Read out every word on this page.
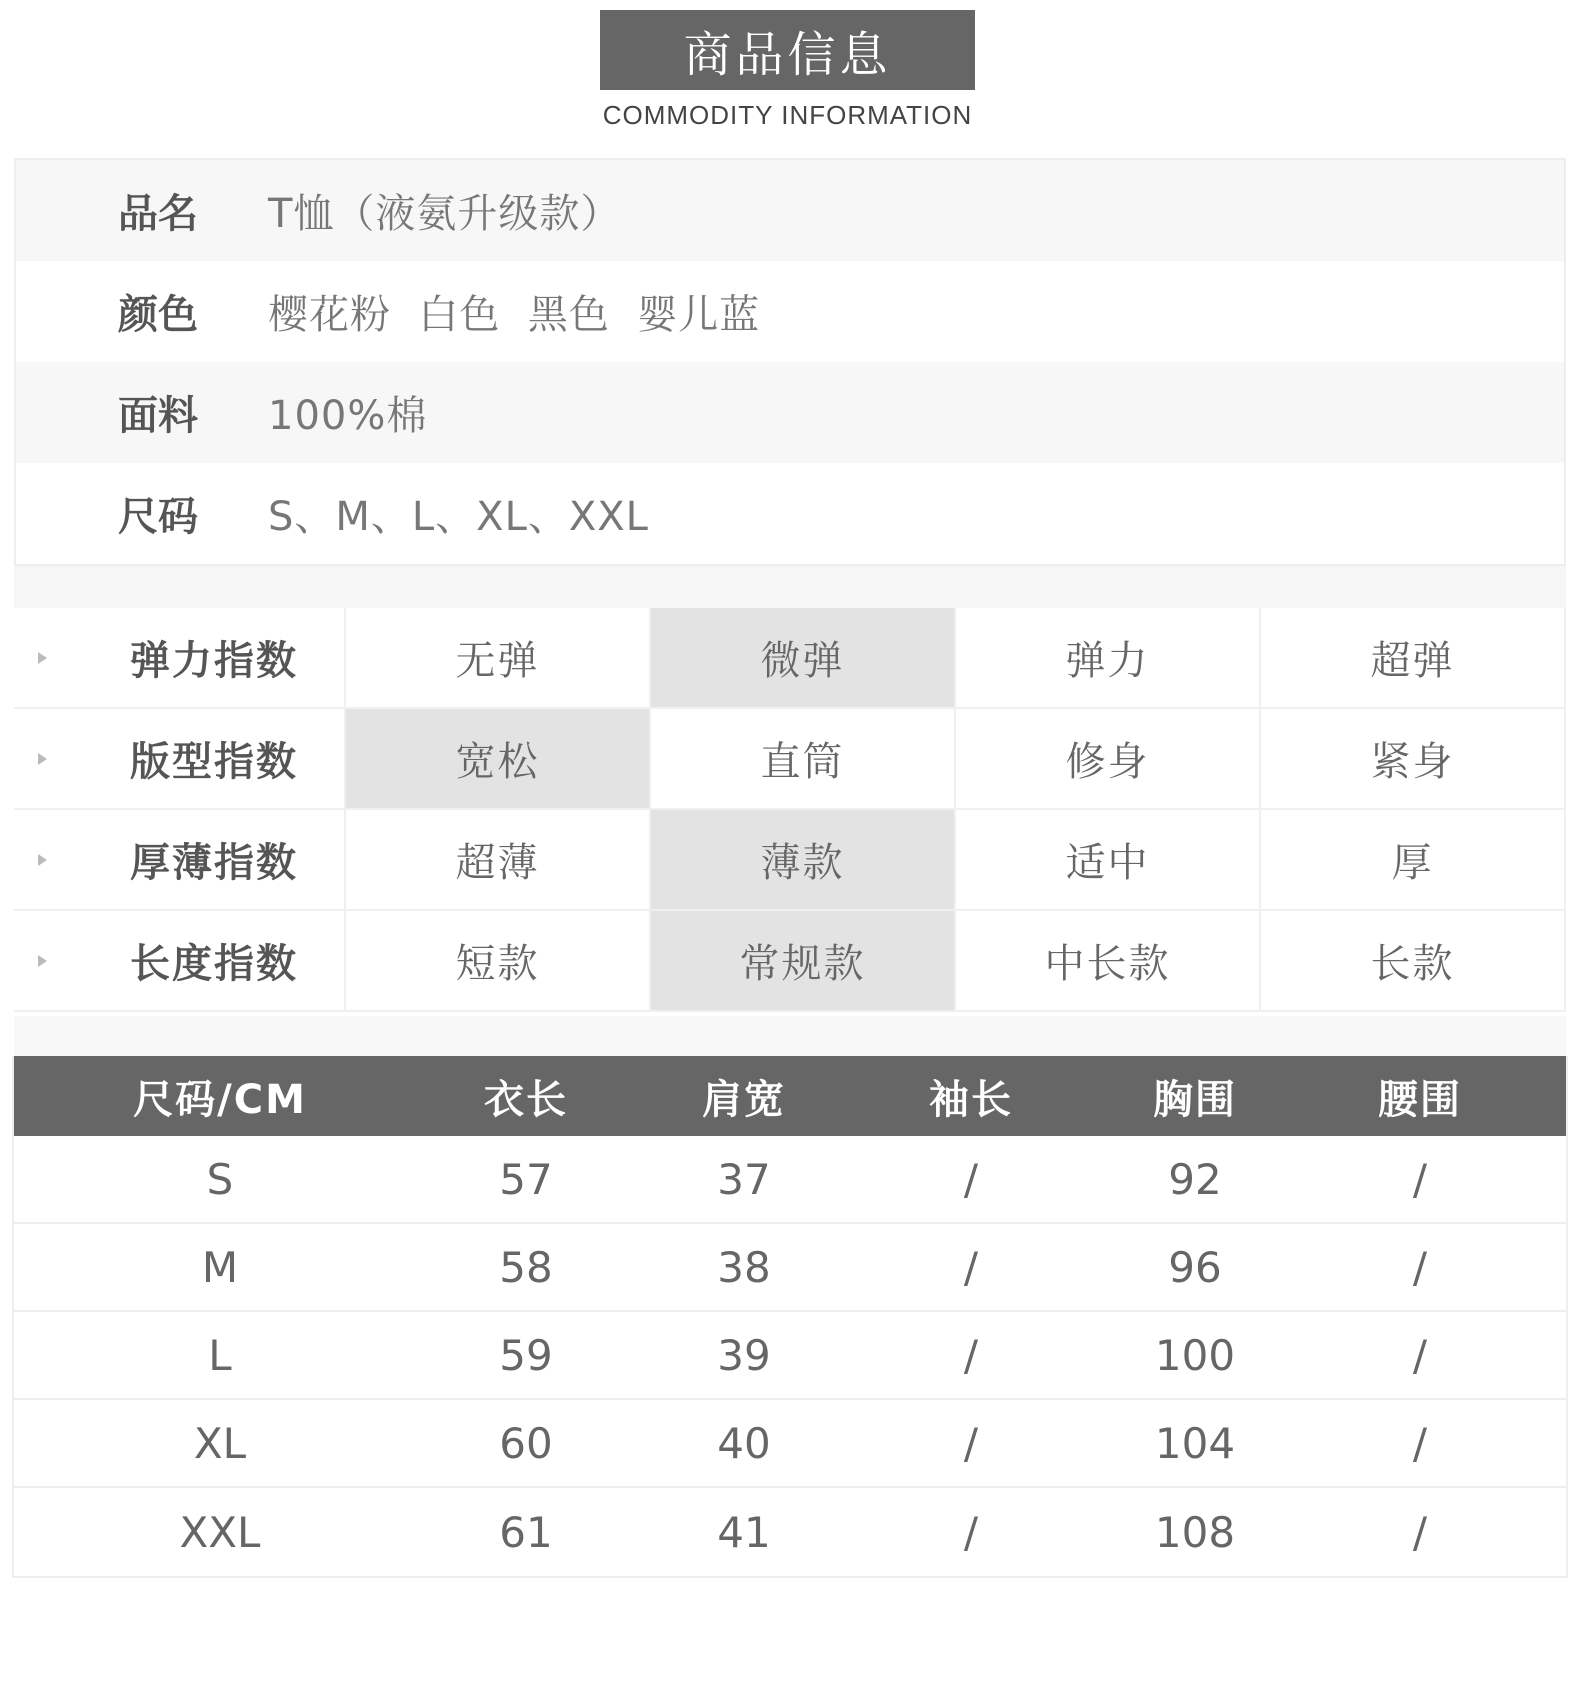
商品信息
COMMODITY INFORMATION
品名	T恤（液氨升级款）
颜色	樱花粉  白色  黑色  婴儿蓝
面料	100%棉
尺码	S、M、L、XL、XXL
弹力指数	无弹	微弹	弹力	超弹
版型指数	宽松	直筒	修身	紧身
厚薄指数	超薄	薄款	适中	厚
长度指数	短款	常规款	中长款	长款
尺码/CM	衣长	肩宽	袖长	胸围	腰围
S	57	37	/	92	/
M	58	38	/	96	/
L	59	39	/	100	/
XL	60	40	/	104	/
XXL	61	41	/	108	/
